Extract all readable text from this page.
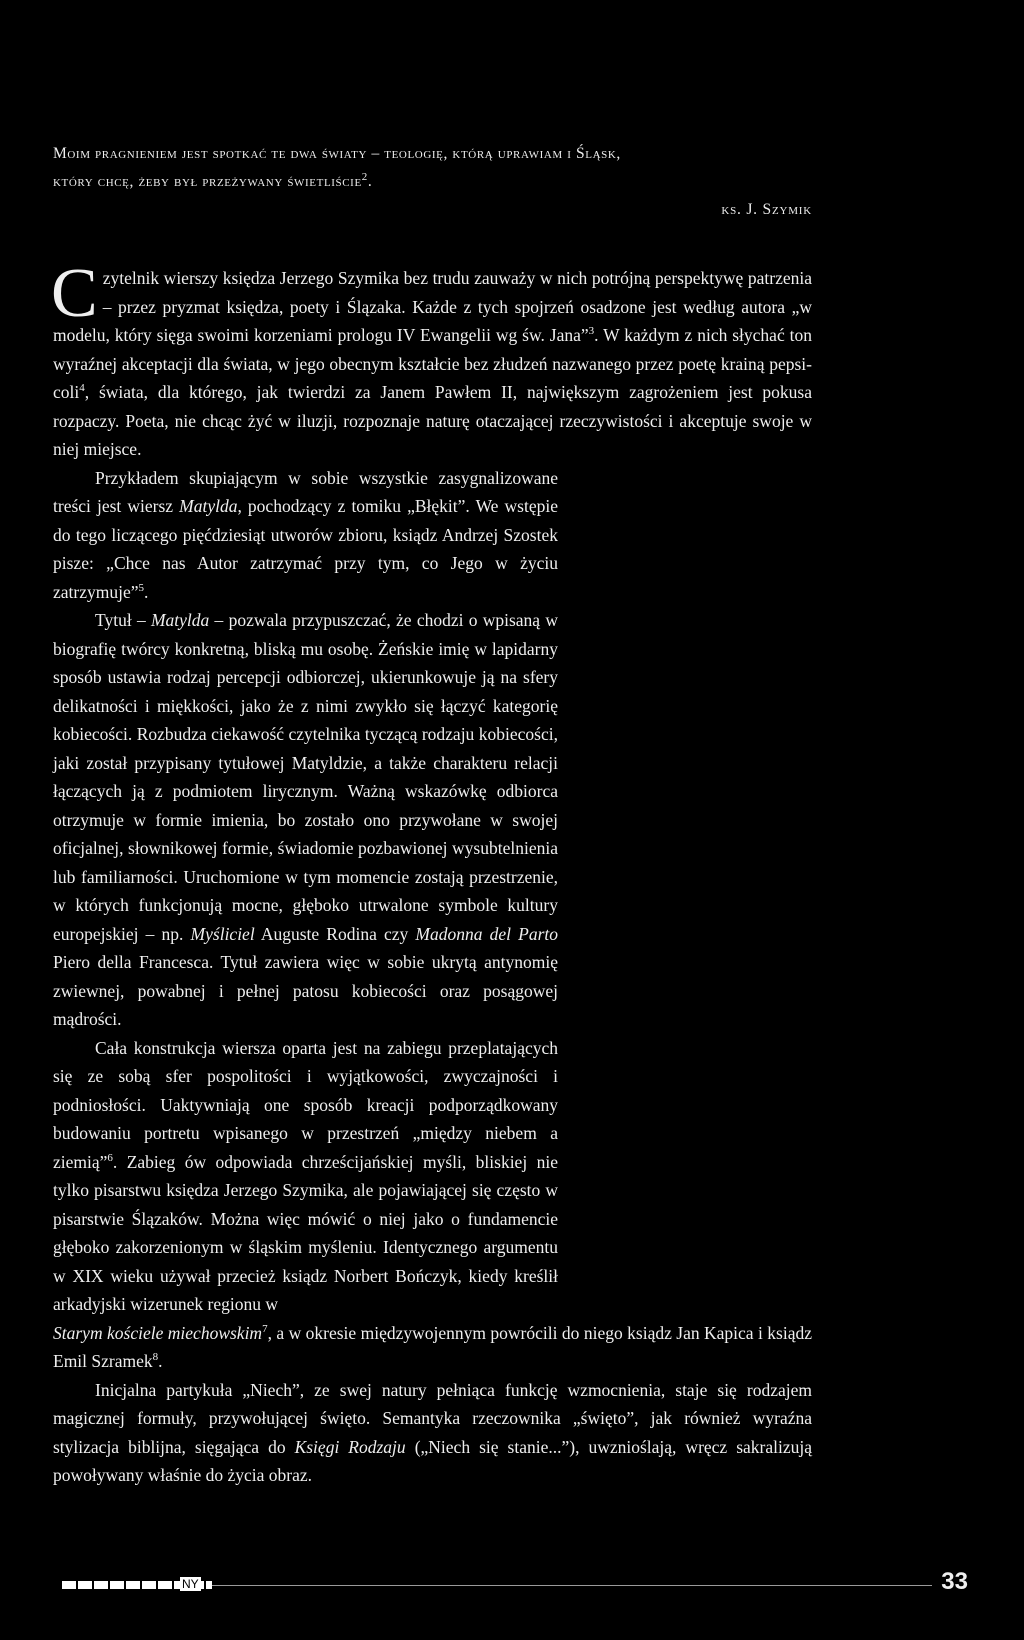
Moim pragnieniem jest spotkać te dwa światy – teologię, którą uprawiam i Śląsk,

który chcę, żeby był przeżywany świetliście$^2$.

ks. J. Szymik

Czytelnik wierszy księdza Jerzego Szymika bez trudu zauważy w nich potrójną perspektywę patrzenia – przez pryzmat księdza, poety i Ślązaka. Każde z tych spojrzeń osadzone jest według autora „w modelu, który sięga swoimi korzeniami prologu IV Ewangelii wg św. Jana”$^3$. W każdym z nich słychać ton wyraźnej akceptacji dla świata, w jego obecnym kształcie bez złudzeń nazwanego przez poetę krainą pepsi-coli$^4$, świata, dla którego, jak twierdzi za Janem Pawłem II, największym zagrożeniem jest pokusa rozpaczy. Poeta, nie chcąc żyć w iluzji, rozpoznaje naturę otaczającej rzeczywistości i akceptuje swoje w niej miejsce.

Przykładem skupiającym w sobie wszystkie zasygnalizowane treści jest wiersz Matylda, pochodzący z tomiku „Błękit”. We wstępie do tego liczącego pięćdziesiąt utworów zbioru, ksiądz Andrzej Szostek pisze: „Chce nas Autor zatrzymać przy tym, co Jego w życiu zatrzymuje”$^5$.

Tytuł – Matylda – pozwala przypuszczać, że chodzi o wpisaną w biografię twórcy konkretną, bliską mu osobę. Żeńskie imię w lapidarny sposób ustawia rodzaj percepcji odbiorczej, ukierunkowuje ją na sfery delikatności i miękkości, jako że z nimi zwykło się łączyć kategorię kobiecości. Rozbudza ciekawość czytelnika tyczącą rodzaju kobiecości, jaki został przypisany tytułowej Matyldzie, a także charakteru relacji łączących ją z podmiotem lirycznym. Ważną wskazówkę odbiorca otrzymuje w formie imienia, bo zostało ono przywołane w swojej oficjalnej, słownikowej formie, świadomie pozbawionej wysubtelnienia lub familiarności. Uruchomione w tym momencie zostają przestrzenie, w których funkcjonują mocne, głęboko utrwalone symbole kultury europejskiej – np. Myśliciel Auguste Rodina czy Madonna del Parto Piero della Francesca. Tytuł zawiera więc w sobie ukrytą antynomię zwiewnej, powabnej i pełnej patosu kobiecości oraz posągowej mądrości.

Cała konstrukcja wiersza oparta jest na zabiegu przeplatających się ze sobą sfer pospolitości i wyjątkowości, zwyczajności i podniosłości. Uaktywniają one sposób kreacji podporządkowany budowaniu portretu wpisanego w przestrzeń „między niebem a ziemią”$^6$. Zabieg ów odpowiada chrześcijańskiej myśli, bliskiej nie tylko pisarstwu księdza Jerzego Szymika, ale pojawiającej się często w pisarstwie Ślązaków. Można więc mówić o niej jako o fundamencie głęboko zakorzenionym w śląskim myśleniu. Identycznego argumentu w XIX wieku używał przecież ksiądz Norbert Bończyk, kiedy kreślił arkadyjski wizerunek regionu w
Starym kościele miechowskim$^7$, a w okresie międzywojennym powrócili do niego ksiądz Jan Kapica i ksiądz Emil Szramek$^8$.

Inicjalna partykuła „Niech”, ze swej natury pełniąca funkcję wzmocnienia, staje się rodzajem magicznej formuły, przywołującej święto. Semantyka rzeczownika „święto”, jak również wyraźna stylizacja biblijna, sięgająca do Księgi Rodzaju („Niech się stanie...”), uwznioślają, wręcz sakralizują powoływany właśnie do życia obraz.

NY	33
